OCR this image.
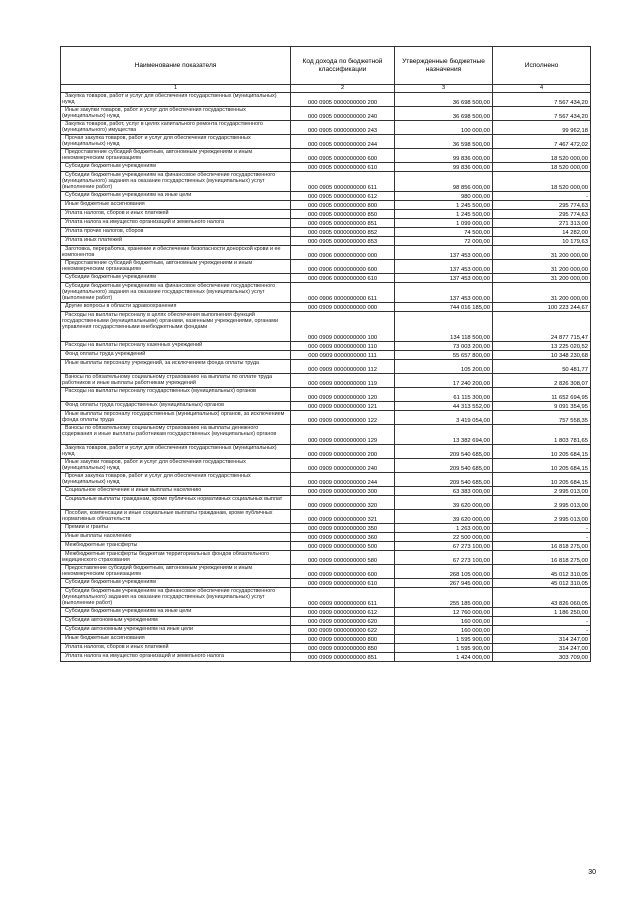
Наименование показателя	Код дохода по бюджетной классификации	Утвержденные бюджетные назначения	Исполнено
1	2	3	4

Закупка товаров, работ и услуг для обеспечения государственных (муниципальных) нужд	000 0905 0000000000 200	36 698 500,00	7 567 434,20

Иные закупки товаров, работ и услуг для обеспечения государственных (муниципальных) нужд	000 0905 0000000000 240	36 698 500,00	7 567 434,20

Закупка товаров, работ, услуг в целях капитального ремонта государственного (муниципального) имущества	000 0905 0000000000 243	100 000,00	99 962,18

Прочая закупка товаров, работ и услуг для обеспечения государственных (муниципальных) нужд	000 0905 0000000000 244	36 598 500,00	7 467 472,02

Предоставление субсидий бюджетным, автономным учреждениям и иным некоммерческим организациям	000 0905 0000000000 600	99 836 000,00	18 520 000,00

Субсидии бюджетным учреждениям	000 0905 0000000000 610	99 836 000,00	18 520 000,00

Субсидии бюджетным учреждениям на финансовое обеспечение государственного (муниципального) задания на оказание государственных (муниципальных) услуг (выполнение работ)	000 0905 0000000000 611	98 856 000,00	18 520 000,00

Субсидии бюджетным учреждениям на иные цели	000 0905 0000000000 612	980 000,00	-

Иные бюджетные ассигнования	000 0905 0000000000 800	1 245 500,00	295 774,63

Уплата налогов, сборов и иных платежей	000 0905 0000000000 850	1 245 500,00	295 774,63

Уплата налога на имущество организаций и земельного налога	000 0905 0000000000 851	1 099 000,00	271 313,00

Уплата прочих налогов, сборов	000 0905 0000000000 852	74 500,00	14 282,00

Уплата иных платежей	000 0905 0000000000 853	72 000,00	10 179,63

Заготовка, переработка, хранение и обеспечение безопасности донорской крови и ее компонентов	000 0906 0000000000 000	137 453 000,00	31 200 000,00

Предоставление субсидий бюджетным, автономным учреждениям и иным некоммерческим организациям	000 0906 0000000000 600	137 453 000,00	31 200 000,00

Субсидии бюджетным учреждениям	000 0906 0000000000 610	137 453 000,00	31 200 000,00

Субсидии бюджетным учреждениям на финансовое обеспечение государственного (муниципального) задания на оказание государственных (муниципальных) услуг (выполнение работ)	000 0906 0000000000 611	137 453 000,00	31 200 000,00

Другие вопросы в области здравоохранения	000 0909 0000000000 000	744 016 185,00	100 223 244,67

Расходы на выплаты персоналу в целях обеспечения выполнения функций государственными (муниципальными) органами, казенными учреждениями, органами управления государственными внебюджетными фондами	000 0909 0000000000 100	134 118 500,00	24 877 715,47

Расходы на выплаты персоналу казенных учреждений	000 0909 0000000000 110	73 003 200,00	13 225 020,52

Фонд оплаты труда учреждений	000 0909 0000000000 111	55 657 800,00	10 348 230,68

Иные выплаты персоналу учреждений, за исключением фонда оплаты труда	000 0909 0000000000 112	105 200,00	50 481,77

Взносы по обязательному социальному страхованию на выплаты по оплате труда работников и иные выплаты работникам учреждений	000 0909 0000000000 119	17 240 200,00	2 826 308,07

Расходы на выплаты персоналу государственных (муниципальных) органов	000 0909 0000000000 120	61 115 300,00	11 652 694,95

Фонд оплаты труда государственных (муниципальных) органов	000 0909 0000000000 121	44 313 552,00	9 091 354,95

Иные выплаты персоналу государственных (муниципальных) органов, за исключением фонда оплаты труда	000 0909 0000000000 122	3 419 054,00	757 558,35

Взносы по обязательному социальному страхованию на выплаты денежного содержания и иные выплаты работникам государственных (муниципальных) органов	000 0909 0000000000 129	13 382 694,00	1 803 781,65

Закупка товаров, работ и услуг для обеспечения государственных (муниципальных) нужд	000 0909 0000000000 200	209 540 685,00	10 205 684,15

Иные закупки товаров, работ и услуг для обеспечения государственных (муниципальных) нужд	000 0909 0000000000 240	209 540 685,00	10 205 684,15

Прочая закупка товаров, работ и услуг для обеспечения государственных (муниципальных) нужд	000 0909 0000000000 244	209 540 685,00	10 205 684,15

Социальное обеспечение и иные выплаты населению	000 0909 0000000000 300	63 383 000,00	2 995 013,00

Социальные выплаты гражданам, кроме публичных нормативных социальных выплат	000 0909 0000000000 320	39 620 000,00	2 995 013,00

Пособия, компенсации и иные социальные выплаты гражданам, кроме публичных нормативных обязательств	000 0909 0000000000 321	39 620 000,00	2 995 013,00

Премии и гранты	000 0909 0000000000 350	1 263 000,00	-

Иные выплаты населению	000 0909 0000000000 360	22 500 000,00	-

Межбюджетные трансферты	000 0909 0000000000 500	67 273 100,00	16 818 275,00

Межбюджетные трансферты бюджетам территориальных фондов обязательного медицинского страхования	000 0909 0000000000 580	67 273 100,00	16 818 275,00

Предоставление субсидий бюджетным, автономным учреждениям и иным некоммерческим организациям	000 0909 0000000000 600	268 105 000,00	45 012 310,05

Субсидии бюджетным учреждениям	000 0909 0000000000 610	267 945 000,00	45 012 310,05

Субсидии бюджетным учреждениям на финансовое обеспечение государственного (муниципального) задания на оказание государственных (муниципальных) услуг (выполнение работ)	000 0909 0000000000 611	255 185 000,00	43 826 060,05

Субсидии бюджетным учреждениям на иные цели	000 0909 0000000000 612	12 760 000,00	1 186 250,00

Субсидии автономным учреждениям	000 0909 0000000000 620	160 000,00	-

Субсидии автономным учреждениям на иные цели	000 0909 0000000000 622	160 000,00	-

Иные бюджетные ассигнования	000 0909 0000000000 800	1 595 900,00	314 247,00

Уплата налогов, сборов и иных платежей	000 0909 0000000000 850	1 595 900,00	314 247,00

Уплата налога на имущество организаций и земельного налога	000 0909 0000000000 851	1 424 000,00	303 709,00
30
